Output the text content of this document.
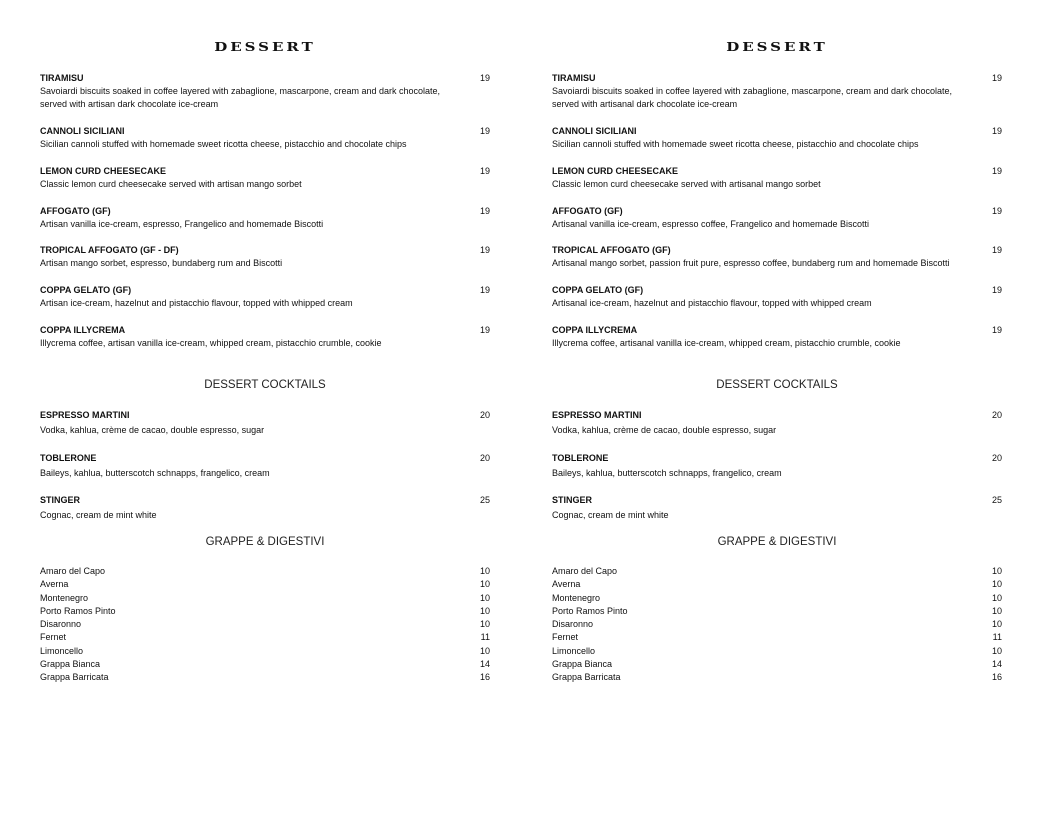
DESSERT
TIRAMISU	19
Savoiardi biscuits soaked in coffee layered with zabaglione, mascarpone, cream and dark chocolate, served with artisan dark chocolate ice-cream
CANNOLI SICILIANI	19
Sicilian cannoli stuffed with homemade sweet ricotta cheese, pistacchio and chocolate chips
LEMON CURD CHEESECAKE	19
Classic lemon curd cheesecake served with artisan mango sorbet
AFFOGATO (GF)	19
Artisan vanilla ice-cream, espresso, Frangelico and homemade Biscotti
TROPICAL AFFOGATO (GF - DF)	19
Artisan mango sorbet, espresso, bundaberg rum and Biscotti
COPPA GELATO (GF)	19
Artisan ice-cream, hazelnut and pistacchio flavour, topped with whipped cream
COPPA ILLYCREMA	19
Illycrema coffee, artisan vanilla ice-cream, whipped cream, pistacchio crumble, cookie
DESSERT COCKTAILS
ESPRESSO MARTINI	20
Vodka, kahlua, crème de cacao, double espresso, sugar
TOBLERONE	20
Baileys, kahlua, butterscotch schnapps, frangelico, cream
STINGER	25
Cognac, cream de mint white
GRAPPE & DIGESTIVI
Amaro del Capo	10
Averna	10
Montenegro	10
Porto Ramos Pinto	10
Disaronno	10
Fernet	11
Limoncello	10
Grappa Bianca	14
Grappa Barricata	16
DESSERT
TIRAMISU	19
Savoiardi biscuits soaked in coffee layered with zabaglione, mascarpone, cream and dark chocolate, served with artisanal dark chocolate ice-cream
CANNOLI SICILIANI	19
Sicilian cannoli stuffed with homemade sweet ricotta cheese, pistacchio and chocolate chips
LEMON CURD CHEESECAKE	19
Classic lemon curd cheesecake served with artisanal mango sorbet
AFFOGATO (GF)	19
Artisanal vanilla ice-cream, espresso coffee, Frangelico and homemade Biscotti
TROPICAL AFFOGATO (GF)	19
Artisanal mango sorbet, passion fruit pure, espresso coffee, bundaberg rum and homemade Biscotti
COPPA GELATO (GF)	19
Artisanal ice-cream, hazelnut and pistacchio flavour, topped with whipped cream
COPPA ILLYCREMA	19
Illycrema coffee, artisanal vanilla ice-cream, whipped cream, pistacchio crumble, cookie
DESSERT COCKTAILS
ESPRESSO MARTINI	20
Vodka, kahlua, crème de cacao, double espresso, sugar
TOBLERONE	20
Baileys, kahlua, butterscotch schnapps, frangelico, cream
STINGER	25
Cognac, cream de mint white
GRAPPE & DIGESTIVI
Amaro del Capo	10
Averna	10
Montenegro	10
Porto Ramos Pinto	10
Disaronno	10
Fernet	11
Limoncello	10
Grappa Bianca	14
Grappa Barricata	16
